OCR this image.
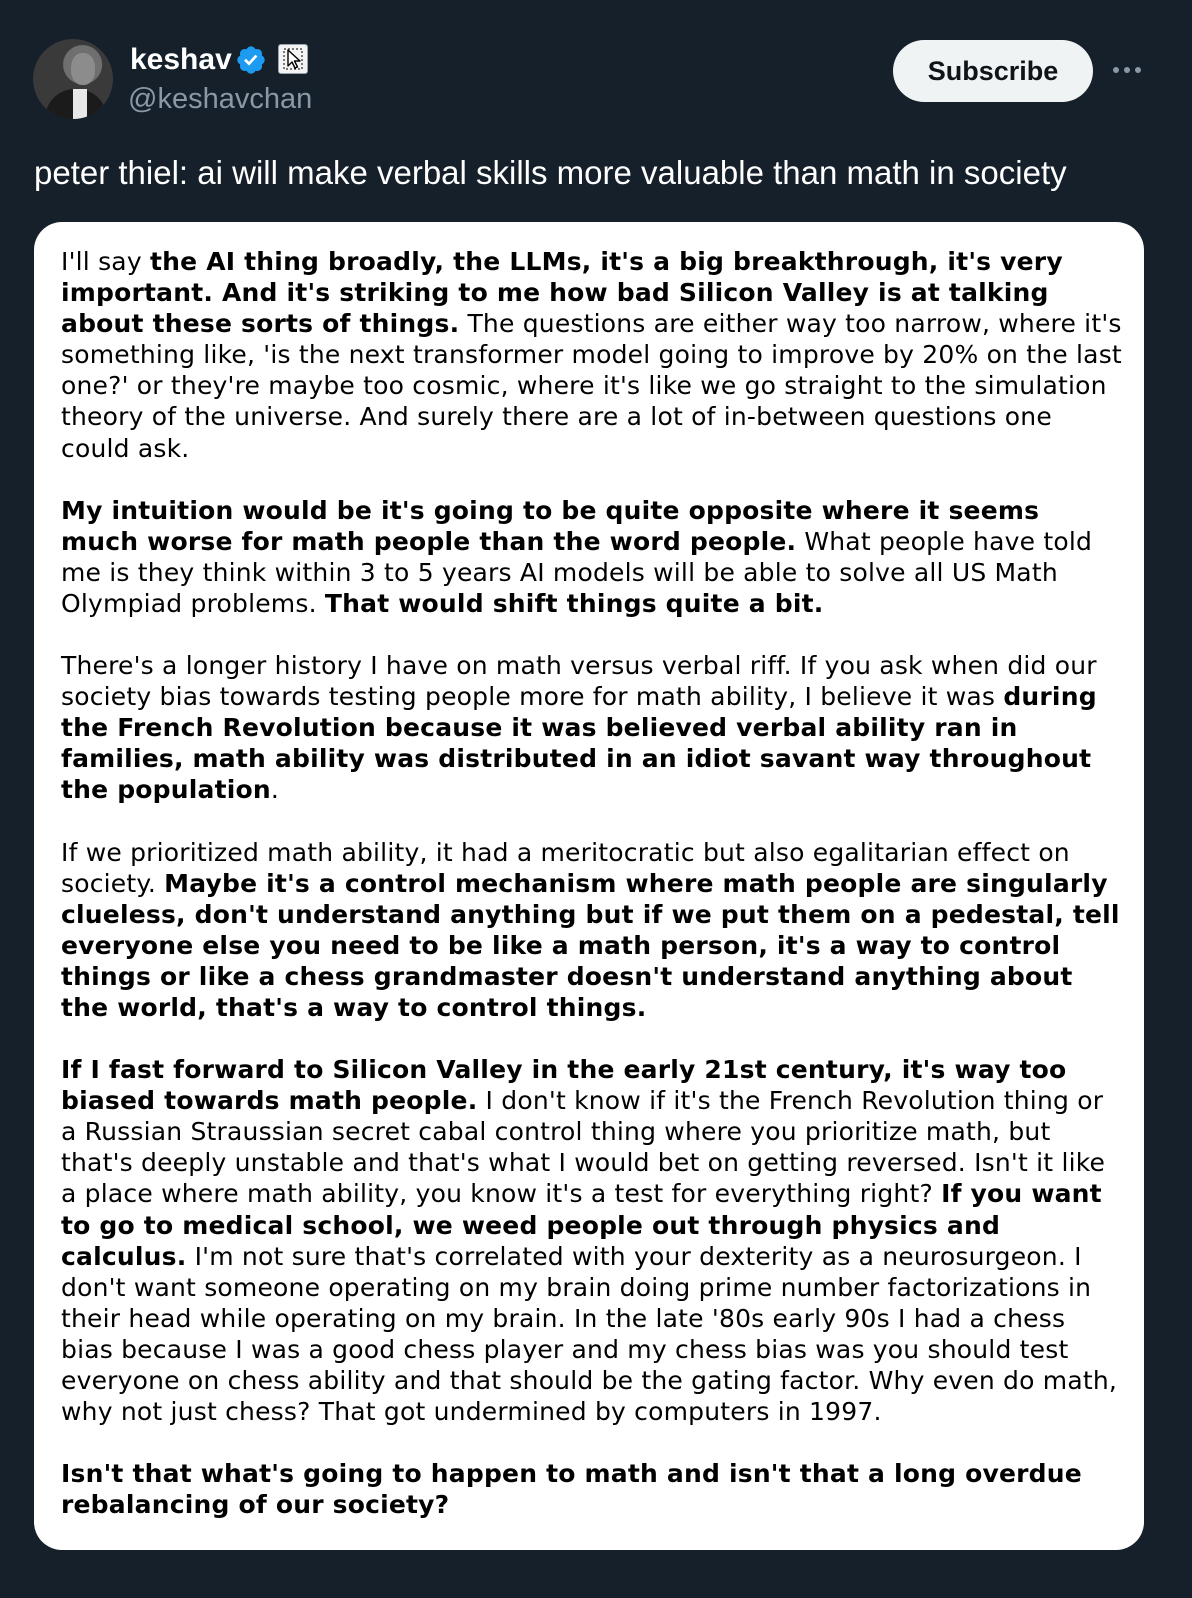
keshav
@keshavchan
Subscribe
peter thiel: ai will make verbal skills more valuable than math in society

I'll say the AI thing broadly, the LLMs, it's a big breakthrough, it's very important. And it's striking to me how bad Silicon Valley is at talking about these sorts of things. The questions are either way too narrow, where it's something like, 'is the next transformer model going to improve by 20% on the last one?' or they're maybe too cosmic, where it's like we go straight to the simulation theory of the universe. And surely there are a lot of in-between questions one could ask.

My intuition would be it's going to be quite opposite where it seems much worse for math people than the word people. What people have told me is they think within 3 to 5 years AI models will be able to solve all US Math Olympiad problems. That would shift things quite a bit.

There's a longer history I have on math versus verbal riff. If you ask when did our society bias towards testing people more for math ability, I believe it was during the French Revolution because it was believed verbal ability ran in families, math ability was distributed in an idiot savant way throughout the population.

If we prioritized math ability, it had a meritocratic but also egalitarian effect on society. Maybe it's a control mechanism where math people are singularly clueless, don't understand anything but if we put them on a pedestal, tell everyone else you need to be like a math person, it's a way to control things or like a chess grandmaster doesn't understand anything about the world, that's a way to control things.

If I fast forward to Silicon Valley in the early 21st century, it's way too biased towards math people. I don't know if it's the French Revolution thing or a Russian Straussian secret cabal control thing where you prioritize math, but that's deeply unstable and that's what I would bet on getting reversed. Isn't it like a place where math ability, you know it's a test for everything right? If you want to go to medical school, we weed people out through physics and calculus. I'm not sure that's correlated with your dexterity as a neurosurgeon. I don't want someone operating on my brain doing prime number factorizations in their head while operating on my brain. In the late '80s early 90s I had a chess bias because I was a good chess player and my chess bias was you should test everyone on chess ability and that should be the gating factor. Why even do math, why not just chess? That got undermined by computers in 1997.

Isn't that what's going to happen to math and isn't that a long overdue rebalancing of our society?
